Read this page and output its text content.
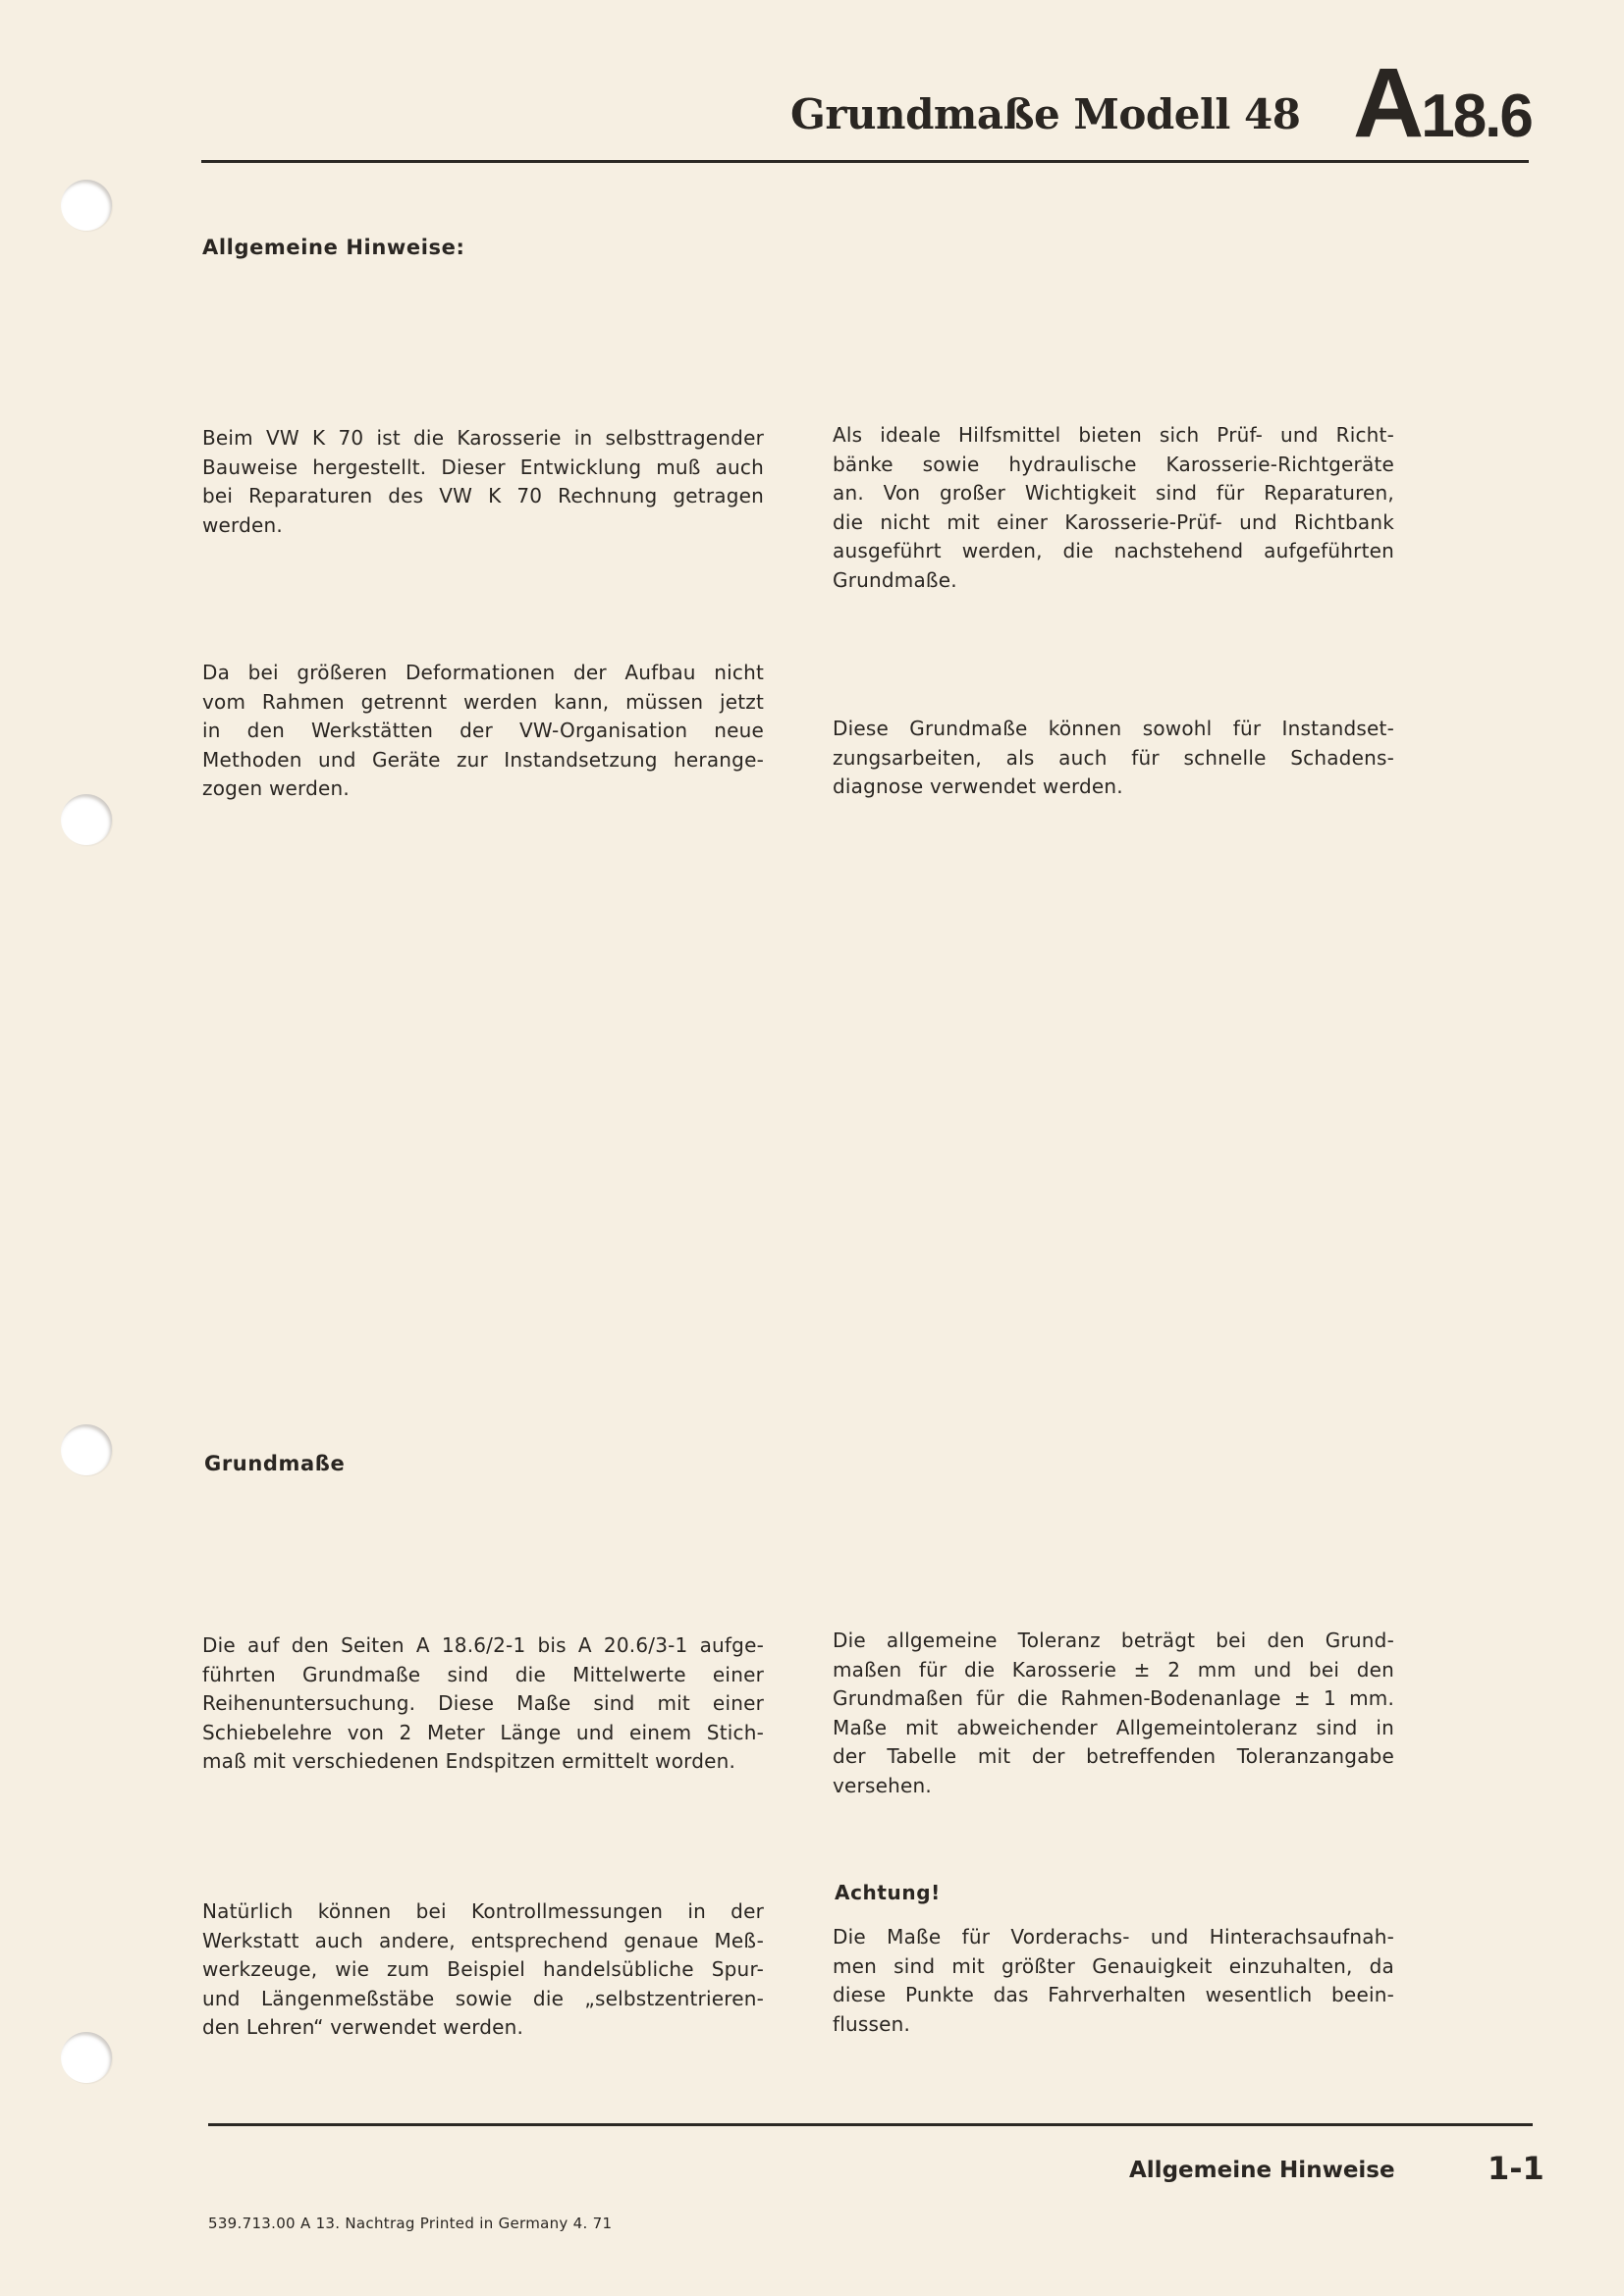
Grundmaße Modell 48 A18.6
Allgemeine Hinweise:
Beim VW K 70 ist die Karosserie in selbsttragender
Bauweise hergestellt. Dieser Entwicklung muß auch
bei Reparaturen des VW K 70 Rechnung getragen
werden.
Als ideale Hilfsmittel bieten sich Prüf- und Richt-
bänke sowie hydraulische Karosserie-Richtgeräte
an. Von großer Wichtigkeit sind für Reparaturen,
die nicht mit einer Karosserie-Prüf- und Richtbank
ausgeführt werden, die nachstehend aufgeführten
Grundmaße.
Da bei größeren Deformationen der Aufbau nicht
vom Rahmen getrennt werden kann, müssen jetzt
in den Werkstätten der VW-Organisation neue
Methoden und Geräte zur Instandsetzung herange-
zogen werden.
Diese Grundmaße können sowohl für Instandset-
zungsarbeiten, als auch für schnelle Schadens-
diagnose verwendet werden.
Grundmaße
Die auf den Seiten A 18.6/2-1 bis A 20.6/3-1 aufge-
führten Grundmaße sind die Mittelwerte einer
Reihenuntersuchung. Diese Maße sind mit einer
Schiebelehre von 2 Meter Länge und einem Stich-
maß mit verschiedenen Endspitzen ermittelt worden.
Die allgemeine Toleranz beträgt bei den Grund-
maßen für die Karosserie ± 2 mm und bei den
Grundmaßen für die Rahmen-Bodenanlage ± 1 mm.
Maße mit abweichender Allgemeintoleranz sind in
der Tabelle mit der betreffenden Toleranzangabe
versehen.
Natürlich können bei Kontrollmessungen in der
Werkstatt auch andere, entsprechend genaue Meß-
werkzeuge, wie zum Beispiel handelsübliche Spur-
und Längenmeßstäbe sowie die „selbstzentrieren-
den Lehren“ verwendet werden.
Achtung!
Die Maße für Vorderachs- und Hinterachsaufnah-
men sind mit größter Genauigkeit einzuhalten, da
diese Punkte das Fahrverhalten wesentlich beein-
flussen.
Allgemeine Hinweise	1-1
539.713.00 A 13. Nachtrag Printed in Germany 4. 71
